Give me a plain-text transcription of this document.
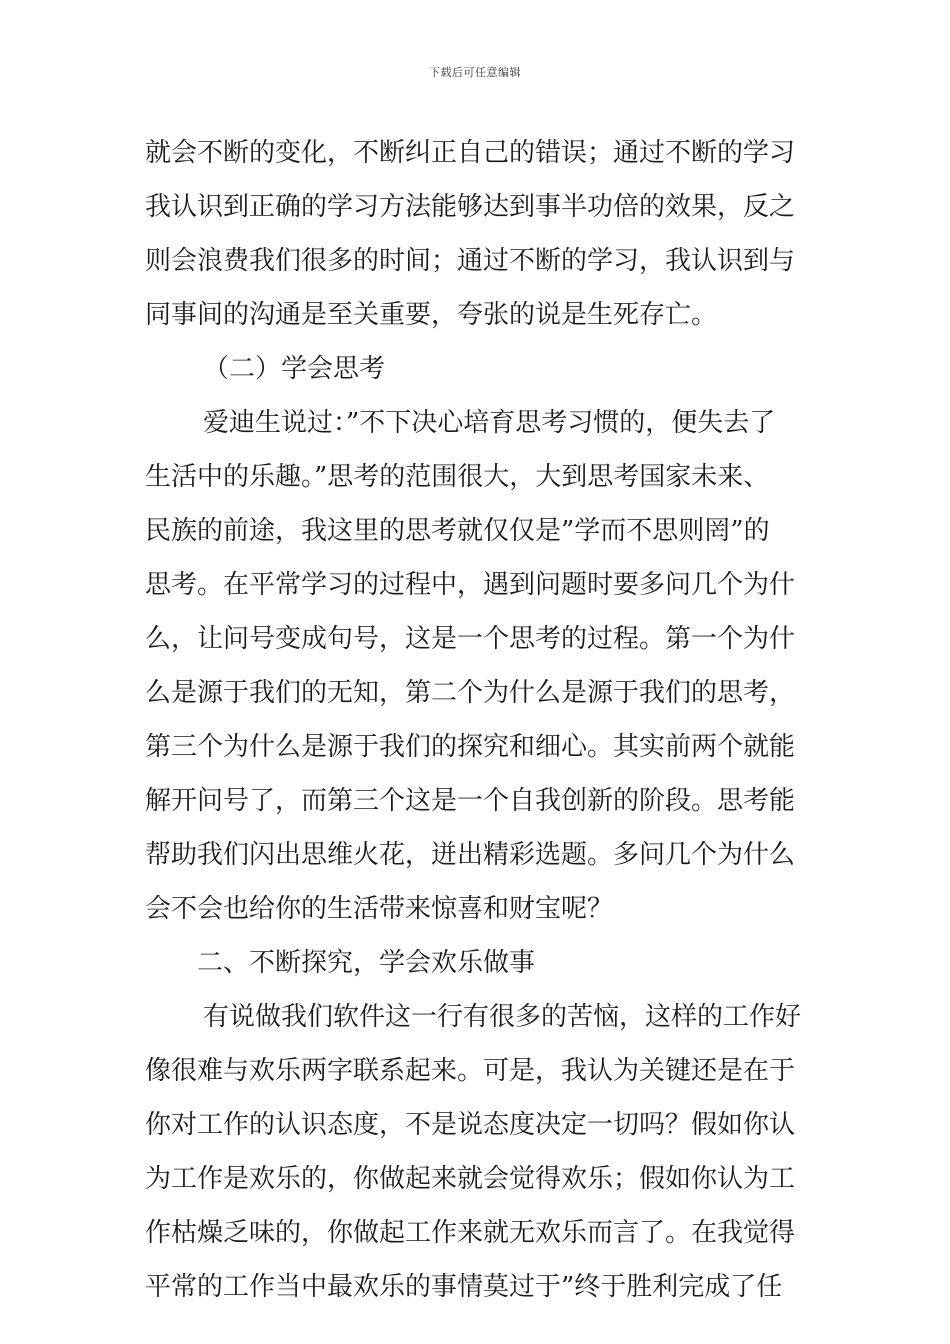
下载后可任意编辑
就会不断的变化，不断纠正自己的错误；通过不断的学习
我认识到正确的学习方法能够达到事半功倍的效果，反之
则会浪费我们很多的时间；通过不断的学习，我认识到与
同事间的沟通是至关重要，夸张的说是生死存亡。
（二）学会思考
爱迪生说过：”不下决心培育思考习惯的，便失去了
生活中的乐趣。”思考的范围很大，大到思考国家未来、
民族的前途，我这里的思考就仅仅是”学而不思则罔”的
思考。在平常学习的过程中，遇到问题时要多问几个为什
么，让问号变成句号，这是一个思考的过程。第一个为什
么是源于我们的无知，第二个为什么是源于我们的思考，
第三个为什么是源于我们的探究和细心。其实前两个就能
解开问号了，而第三个这是一个自我创新的阶段。思考能
帮助我们闪出思维火花，迸出精彩选题。多问几个为什么
会不会也给你的生活带来惊喜和财宝呢？
二、不断探究，学会欢乐做事
有说做我们软件这一行有很多的苦恼，这样的工作好
像很难与欢乐两字联系起来。可是，我认为关键还是在于
你对工作的认识态度，不是说态度决定一切吗？假如你认
为工作是欢乐的，你做起来就会觉得欢乐；假如你认为工
作枯燥乏味的，你做起工作来就无欢乐而言了。在我觉得
平常的工作当中最欢乐的事情莫过于”终于胜利完成了任
